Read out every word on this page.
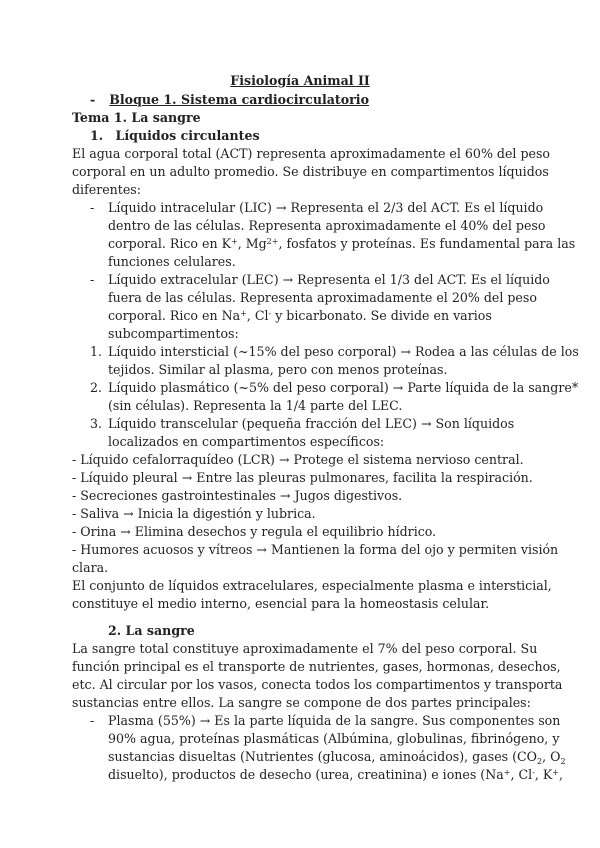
Fisiología Animal II
- Bloque 1. Sistema cardiocirculatorio
Tema 1. La sangre
1. Líquidos circulantes
El agua corporal total (ACT) representa aproximadamente el 60% del peso
corporal en un adulto promedio. Se distribuye en compartimentos líquidos
diferentes:
- Líquido intracelular (LIC) → Representa el 2/3 del ACT. Es el líquido
dentro de las células. Representa aproximadamente el 40% del peso
corporal. Rico en K+, $Mg^{2+}$, fosfatos y proteínas. Es fundamental para las
funciones celulares.
- Líquido extracelular (LEC) → Representa el 1/3 del ACT. Es el líquido
fuera de las células. Representa aproximadamente el 20% del peso
corporal. Rico en Na+, Cl- y bicarbonato. Se divide en varios
subcompartimentos:
1. Líquido intersticial (~15% del peso corporal) → Rodea a las células de los
tejidos. Similar al plasma, pero con menos proteínas.
2. Líquido plasmático (~5% del peso corporal) → Parte líquida de la sangre*
(sin células). Representa la 1/4 parte del LEC.
3. Líquido transcelular (pequeña fracción del LEC) → Son líquidos
localizados en compartimentos específicos:
- Líquido cefalorraquídeo (LCR) → Protege el sistema nervioso central.
- Líquido pleural → Entre las pleuras pulmonares, facilita la respiración.
- Secreciones gastrointestinales → Jugos digestivos.
- Saliva → Inicia la digestión y lubrica.
- Orina → Elimina desechos y regula el equilibrio hídrico.
- Humores acuosos y vítreos → Mantienen la forma del ojo y permiten visión
clara.
El conjunto de líquidos extracelulares, especialmente plasma e intersticial,
constituye el medio interno, esencial para la homeostasis celular.
2. La sangre
La sangre total constituye aproximadamente el 7% del peso corporal. Su
función principal es el transporte de nutrientes, gases, hormonas, desechos,
etc. Al circular por los vasos, conecta todos los compartimentos y transporta
sustancias entre ellos. La sangre se compone de dos partes principales:
- Plasma (55%) → Es la parte líquida de la sangre. Sus componentes son
90% agua, proteínas plasmáticas (Albúmina, globulinas, fibrinógeno, y
sustancias disueltas (Nutrientes (glucosa, aminoácidos), gases ($CO_2$, $O_2$
disuelto), productos de desecho (urea, creatinina) e iones (Na+, Cl-, K+,
